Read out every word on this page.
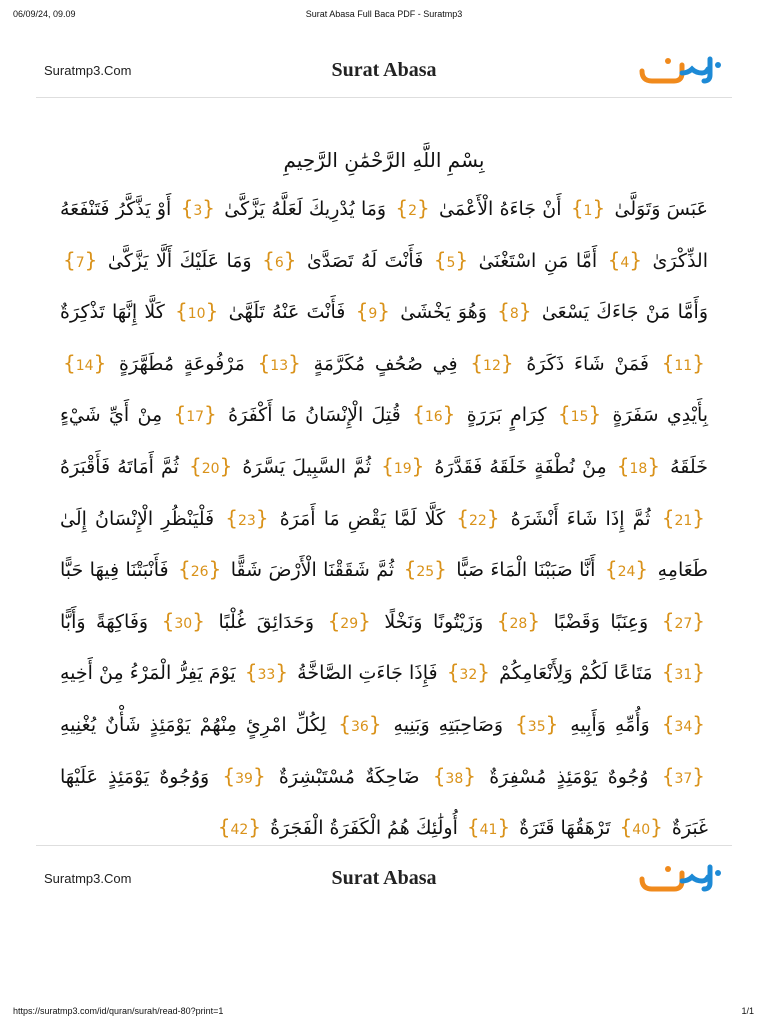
06/09/24, 09.09	Surat Abasa Full Baca PDF - Suratmp3
Suratmp3.Com	Surat Abasa
بِسْمِ اللَّهِ الرَّحْمَٰنِ الرَّحِيمِ
عَبَسَ وَتَوَلَّىٰ {1} أَنْ جَاءَهُ الْأَعْمَىٰ {2} وَمَا يُدْرِيكَ لَعَلَّهُ يَزَّكَّىٰ {3} أَوْ يَذَّكَّرُ فَتَنْفَعَهُ الذِّكْرَىٰ {4} أَمَّا مَنِ اسْتَغْنَىٰ {5} فَأَنْتَ لَهُ تَصَدَّىٰ {6} وَمَا عَلَيْكَ أَلَّا يَزَّكَّىٰ {7} وَأَمَّا مَنْ جَاءَكَ يَسْعَىٰ {8} وَهُوَ يَخْشَىٰ {9} فَأَنْتَ عَنْهُ تَلَهَّىٰ {10} كَلَّا إِنَّهَا تَذْكِرَةٌ {11} فَمَنْ شَاءَ ذَكَرَهُ {12} فِي صُحُفٍ مُكَرَّمَةٍ {13} مَرْفُوعَةٍ مُطَهَّرَةٍ {14} بِأَيْدِي سَفَرَةٍ {15} كِرَامٍ بَرَرَةٍ {16} قُتِلَ الْإِنْسَانُ مَا أَكْفَرَهُ {17} مِنْ أَيِّ شَيْءٍ خَلَقَهُ {18} مِنْ نُطْفَةٍ خَلَقَهُ فَقَدَّرَهُ {19} ثُمَّ السَّبِيلَ يَسَّرَهُ {20} ثُمَّ أَمَاتَهُ فَأَقْبَرَهُ {21} ثُمَّ إِذَا شَاءَ أَنْشَرَهُ {22} كَلَّا لَمَّا يَقْضِ مَا أَمَرَهُ {23} فَلْيَنْظُرِ الْإِنْسَانُ إِلَىٰ طَعَامِهِ {24} أَنَّا صَبَبْنَا الْمَاءَ صَبًّا {25} ثُمَّ شَقَقْنَا الْأَرْضَ شَقًّا {26} فَأَنْبَتْنَا فِيهَا حَبًّا {27} وَعِنَبًا وَقَضْبًا {28} وَزَيْتُونًا وَنَخْلًا {29} وَحَدَائِقَ غُلْبًا {30} وَفَاكِهَةً وَأَبًّا {31} مَتَاعًا لَكُمْ وَلِأَنْعَامِكُمْ {32} فَإِذَا جَاءَتِ الصَّاخَّةُ {33} يَوْمَ يَفِرُّ الْمَرْءُ مِنْ أَخِيهِ {34} وَأُمِّهِ وَأَبِيهِ {35} وَصَاحِبَتِهِ وَبَنِيهِ {36} لِكُلِّ امْرِئٍ مِنْهُمْ يَوْمَئِذٍ شَأْنٌ يُغْنِيهِ {37} وُجُوهٌ يَوْمَئِذٍ مُسْفِرَةٌ {38} ضَاحِكَةٌ مُسْتَبْشِرَةٌ {39} وَوُجُوهٌ يَوْمَئِذٍ عَلَيْهَا غَبَرَةٌ {40} تَرْهَقُهَا قَتَرَةٌ {41} أُولَٰئِكَ هُمُ الْكَفَرَةُ الْفَجَرَةُ {42}
Suratmp3.Com	Surat Abasa
https://suratmp3.com/id/quran/surah/read-80?print=1	1/1
